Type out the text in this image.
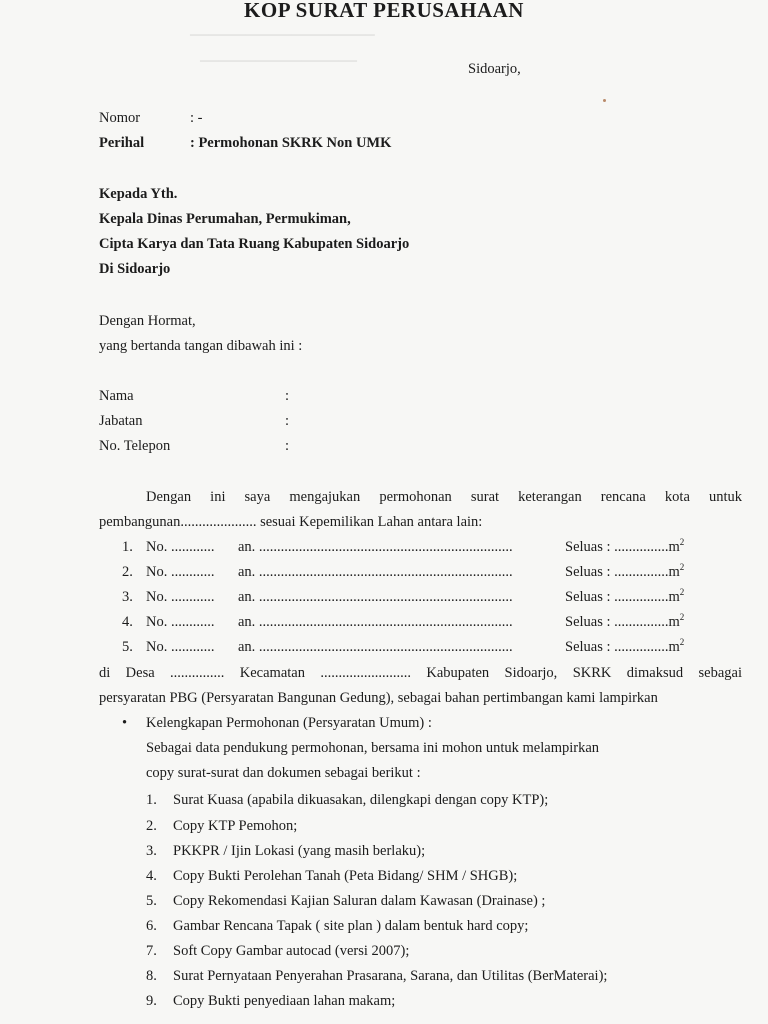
▁▁▁▁▁▁▁▁▁▁▁▁▁▁▁▁▁▁▁▁
▁▁▁▁▁▁▁▁▁▁▁▁▁▁▁▁▁
KOP SURAT PERUSAHAAN
Sidoarjo,
Nomor	: -
Perihal	: Permohonan SKRK Non UMK
Kepada Yth.
Kepala Dinas Perumahan, Permukiman,
Cipta Karya dan Tata Ruang Kabupaten Sidoarjo
Di Sidoarjo
Dengan Hormat,
yang bertanda tangan dibawah ini :
Nama	:
Jabatan	:
No. Telepon	:
Dengan ini saya mengajukan permohonan surat keterangan rencana kota untuk
pembangunan..................... sesuai Kepemilikan Lahan antara lain:
1. No. ............ an. ......................................................................	Seluas : $...............m^2$
2. No. ............ an. ......................................................................	Seluas : $...............m^2$
3. No. ............ an. ......................................................................	Seluas : $...............m^2$
4. No. ............ an. ......................................................................	Seluas : $...............m^2$
5. No. ............ an. ......................................................................	Seluas : $...............m^2$
di Desa ............... Kecamatan ......................... Kabupaten Sidoarjo, SKRK dimaksud sebagai
persyaratan PBG (Persyaratan Bangunan Gedung), sebagai bahan pertimbangan kami lampirkan
• Kelengkapan Permohonan (Persyaratan Umum) :
Sebagai data pendukung permohonan, bersama ini mohon untuk melampirkan
copy surat-surat dan dokumen sebagai berikut :
1. Surat Kuasa (apabila dikuasakan, dilengkapi dengan copy KTP);
2. Copy KTP Pemohon;
3. PKKPR / Ijin Lokasi (yang masih berlaku);
4. Copy Bukti Perolehan Tanah (Peta Bidang/ SHM / SHGB);
5. Copy Rekomendasi Kajian Saluran dalam Kawasan (Drainase) ;
6. Gambar Rencana Tapak ( site plan ) dalam bentuk hard copy;
7. Soft Copy Gambar autocad (versi 2007);
8. Surat Pernyataan Penyerahan Prasarana, Sarana, dan Utilitas (BerMaterai);
9. Copy Bukti penyediaan lahan makam;
